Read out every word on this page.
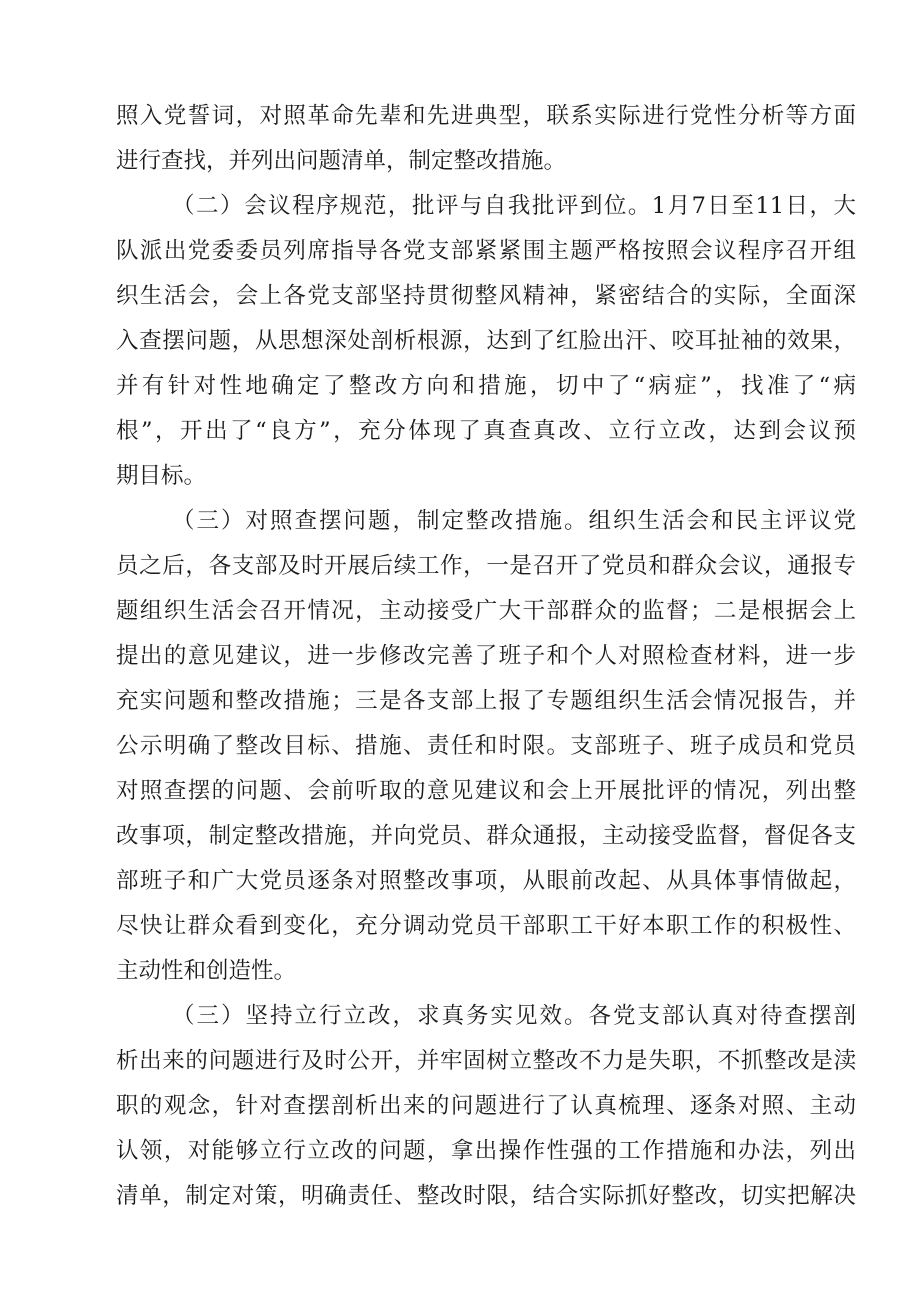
照入党誓词，对照革命先辈和先进典型，联系实际进行党性分析等方面
进行查找，并列出问题清单，制定整改措施。
（二）会议程序规范，批评与自我批评到位。1月7日至11日，大
队派出党委委员列席指导各党支部紧紧围主题严格按照会议程序召开组
织生活会，会上各党支部坚持贯彻整风精神，紧密结合的实际，全面深
入查摆问题，从思想深处剖析根源，达到了红脸出汗、咬耳扯袖的效果，
并有针对性地确定了整改方向和措施，切中了“病症”，找准了“病
根”，开出了“良方”，充分体现了真查真改、立行立改，达到会议预
期目标。
（三）对照查摆问题，制定整改措施。组织生活会和民主评议党
员之后，各支部及时开展后续工作，一是召开了党员和群众会议，通报专
题组织生活会召开情况，主动接受广大干部群众的监督；二是根据会上
提出的意见建议，进一步修改完善了班子和个人对照检查材料，进一步
充实问题和整改措施；三是各支部上报了专题组织生活会情况报告，并
公示明确了整改目标、措施、责任和时限。支部班子、班子成员和党员
对照查摆的问题、会前听取的意见建议和会上开展批评的情况，列出整
改事项，制定整改措施，并向党员、群众通报，主动接受监督，督促各支
部班子和广大党员逐条对照整改事项，从眼前改起、从具体事情做起，
尽快让群众看到变化，充分调动党员干部职工干好本职工作的积极性、
主动性和创造性。
（三）坚持立行立改，求真务实见效。各党支部认真对待查摆剖
析出来的问题进行及时公开，并牢固树立整改不力是失职，不抓整改是渎
职的观念，针对查摆剖析出来的问题进行了认真梳理、逐条对照、主动
认领，对能够立行立改的问题，拿出操作性强的工作措施和办法，列出
清单，制定对策，明确责任、整改时限，结合实际抓好整改，切实把解决
